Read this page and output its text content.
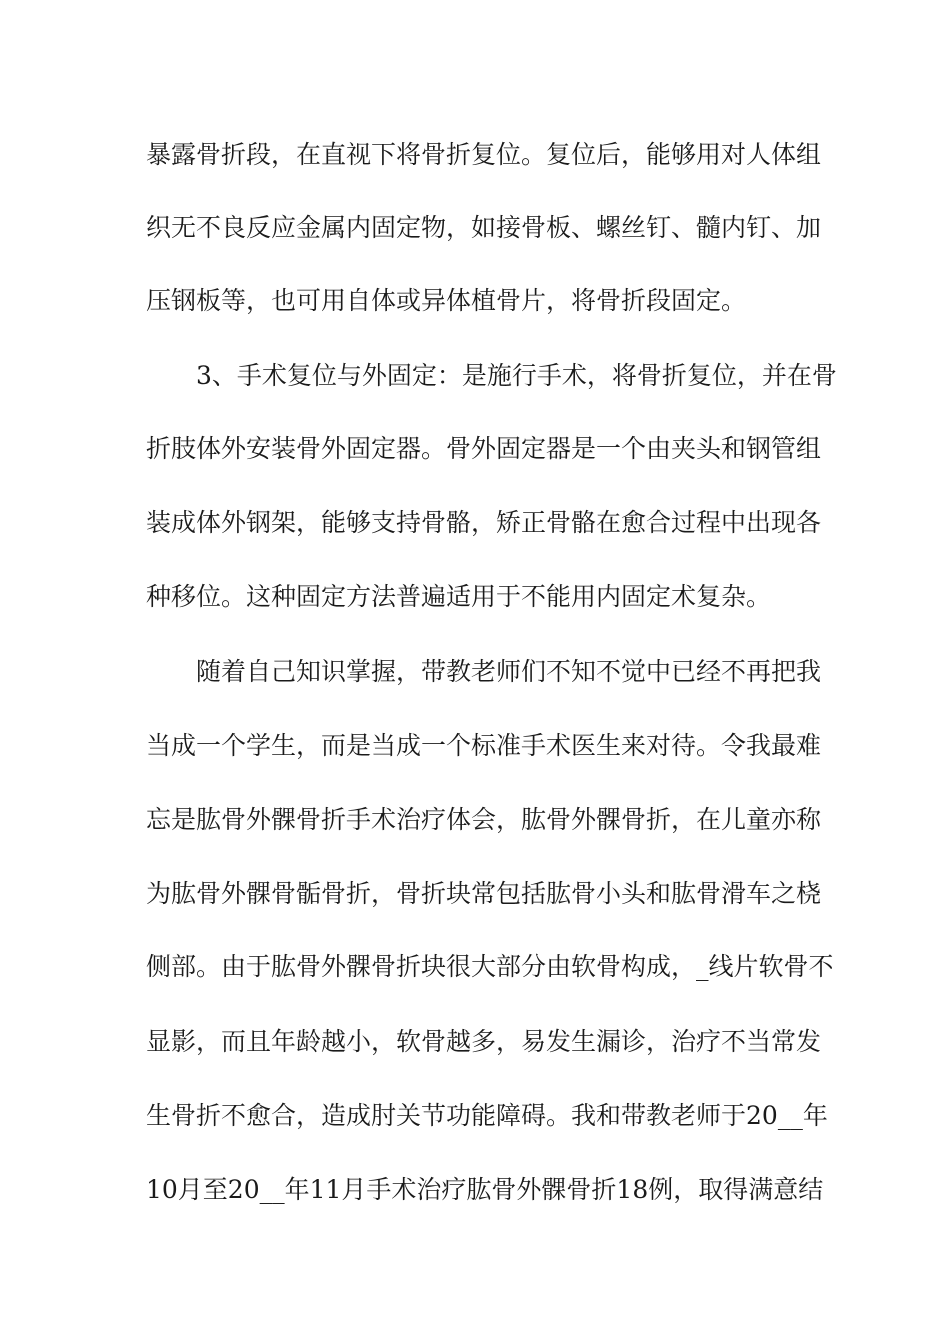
暴露骨折段，在直视下将骨折复位。复位后，能够用对人体组
织无不良反应金属内固定物，如接骨板、螺丝钉、髓内钉、加
压钢板等，也可用自体或异体植骨片，将骨折段固定。
　　3、手术复位与外固定：是施行手术，将骨折复位，并在骨
折肢体外安装骨外固定器。骨外固定器是一个由夹头和钢管组
装成体外钢架，能够支持骨骼，矫正骨骼在愈合过程中出现各
种移位。这种固定方法普遍适用于不能用内固定术复杂。
　　随着自己知识掌握，带教老师们不知不觉中已经不再把我
当成一个学生，而是当成一个标准手术医生来对待。令我最难
忘是肱骨外髁骨折手术治疗体会，肱骨外髁骨折，在儿童亦称
为肱骨外髁骨骺骨折，骨折块常包括肱骨小头和肱骨滑车之桡
侧部。由于肱骨外髁骨折块很大部分由软骨构成，_线片软骨不
显影，而且年龄越小，软骨越多，易发生漏诊，治疗不当常发
生骨折不愈合，造成肘关节功能障碍。我和带教老师于20__年
10月至20__年11月手术治疗肱骨外髁骨折18例，取得满意结
